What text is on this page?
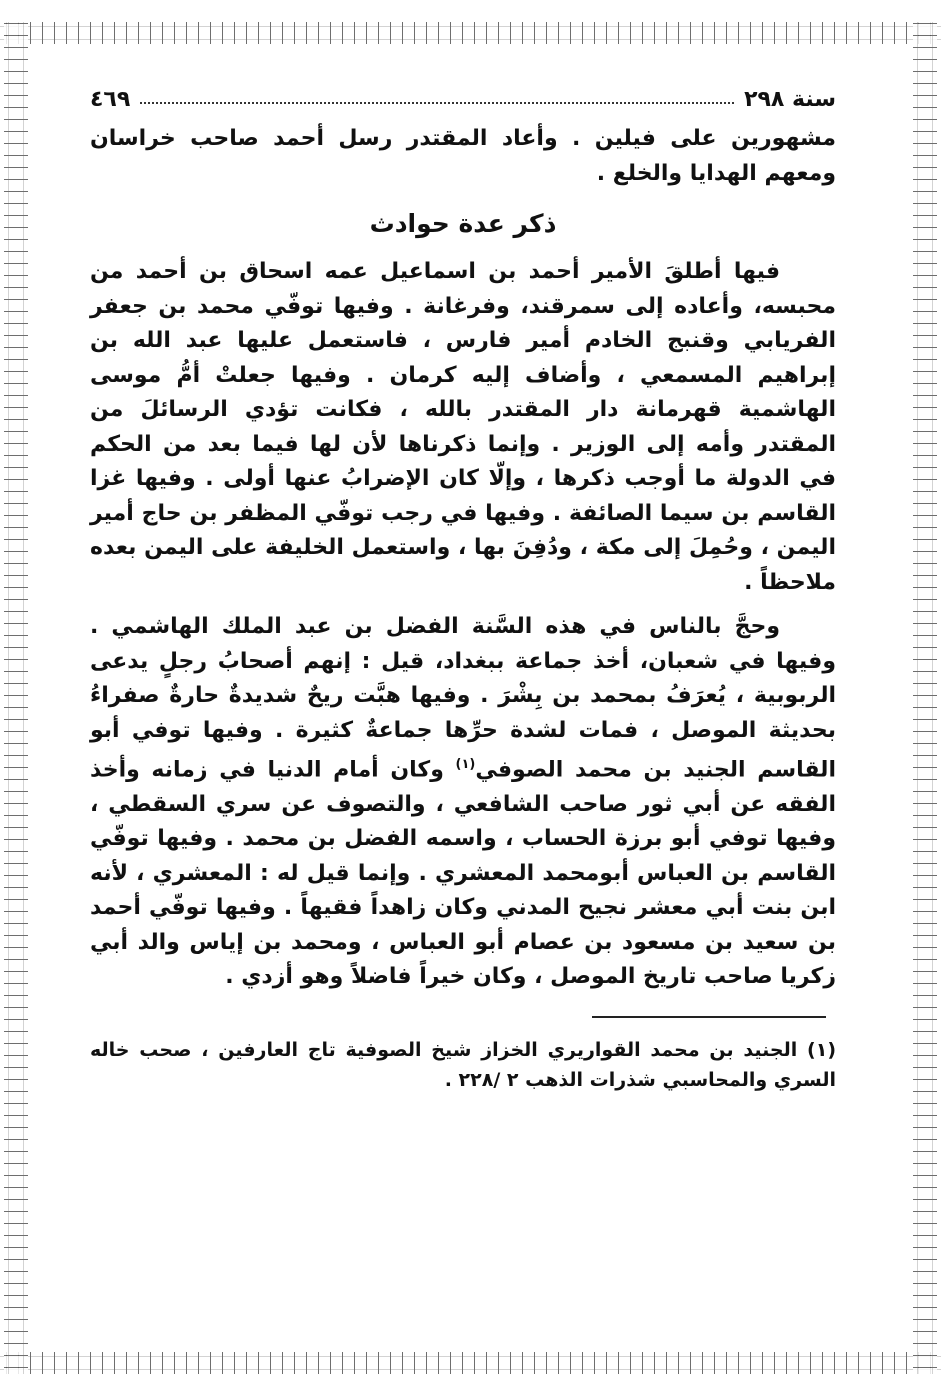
سنة ٢٩٨
٤٦٩

مشهورين على فيلين . وأعاد المقتدر رسل أحمد صاحب خراسان ومعهم الهدايا والخلع .

ذكر عدة حوادث

فيها أطلقَ الأمير أحمد بن اسماعيل عمه اسحاق بن أحمد من محبسه، وأعاده إلى سمرقند، وفرغانة . وفيها توفّي محمد بن جعفر الفريابي وقنبج الخادم أمير فارس ، فاستعمل عليها عبد الله بن إبراهيم المسمعي ، وأضاف إليه كرمان . وفيها جعلتْ أمُّ موسى الهاشمية قهرمانة دار المقتدر بالله ، فكانت تؤدي الرسائلَ من المقتدر وأمه إلى الوزير . وإنما ذكرناها لأن لها فيما بعد من الحكم في الدولة ما أوجب ذكرها ، وإلّا كان الإضرابُ عنها أولى . وفيها غزا القاسم بن سيما الصائفة . وفيها في رجب توفّي المظفر بن حاج أمير اليمن ، وحُمِلَ إلى مكة ، ودُفِنَ بها ، واستعمل الخليفة على اليمن بعده ملاحظاً .

وحجَّ بالناس في هذه السَّنة الفضل بن عبد الملك الهاشمي . وفيها في شعبان، أخذ جماعة ببغداد، قيل : إنهم أصحابُ رجلٍ يدعى الربوبية ، يُعرَفُ بمحمد بن بِشْرَ . وفيها هبَّت ريحٌ شديدةٌ حارةٌ صفراءُ بحديثة الموصل ، فمات لشدة حرِّها جماعةٌ كثيرة . وفيها توفي أبو القاسم الجنيد بن محمد الصوفي$^{(١)}$ وكان أمام الدنيا في زمانه وأخذ الفقه عن أبي ثور صاحب الشافعي ، والتصوف عن سري السقطي ، وفيها توفي أبو برزة الحساب ، واسمه الفضل بن محمد . وفيها توفّي القاسم بن العباس أبومحمد المعشري . وإنما قيل له : المعشري ، لأنه ابن بنت أبي معشر نجيح المدني وكان زاهداً فقيهاً . وفيها توفّي أحمد بن سعيد بن مسعود بن عصام أبو العباس ، ومحمد بن إياس والد أبي زكريا صاحب تاريخ الموصل ، وكان خيراً فاضلاً وهو أزدي .

(١) الجنيد بن محمد القواريري الخزاز شيخ الصوفية تاج العارفين ، صحب خاله السري والمحاسبي شذرات الذهب ٢ /٢٢٨ .
